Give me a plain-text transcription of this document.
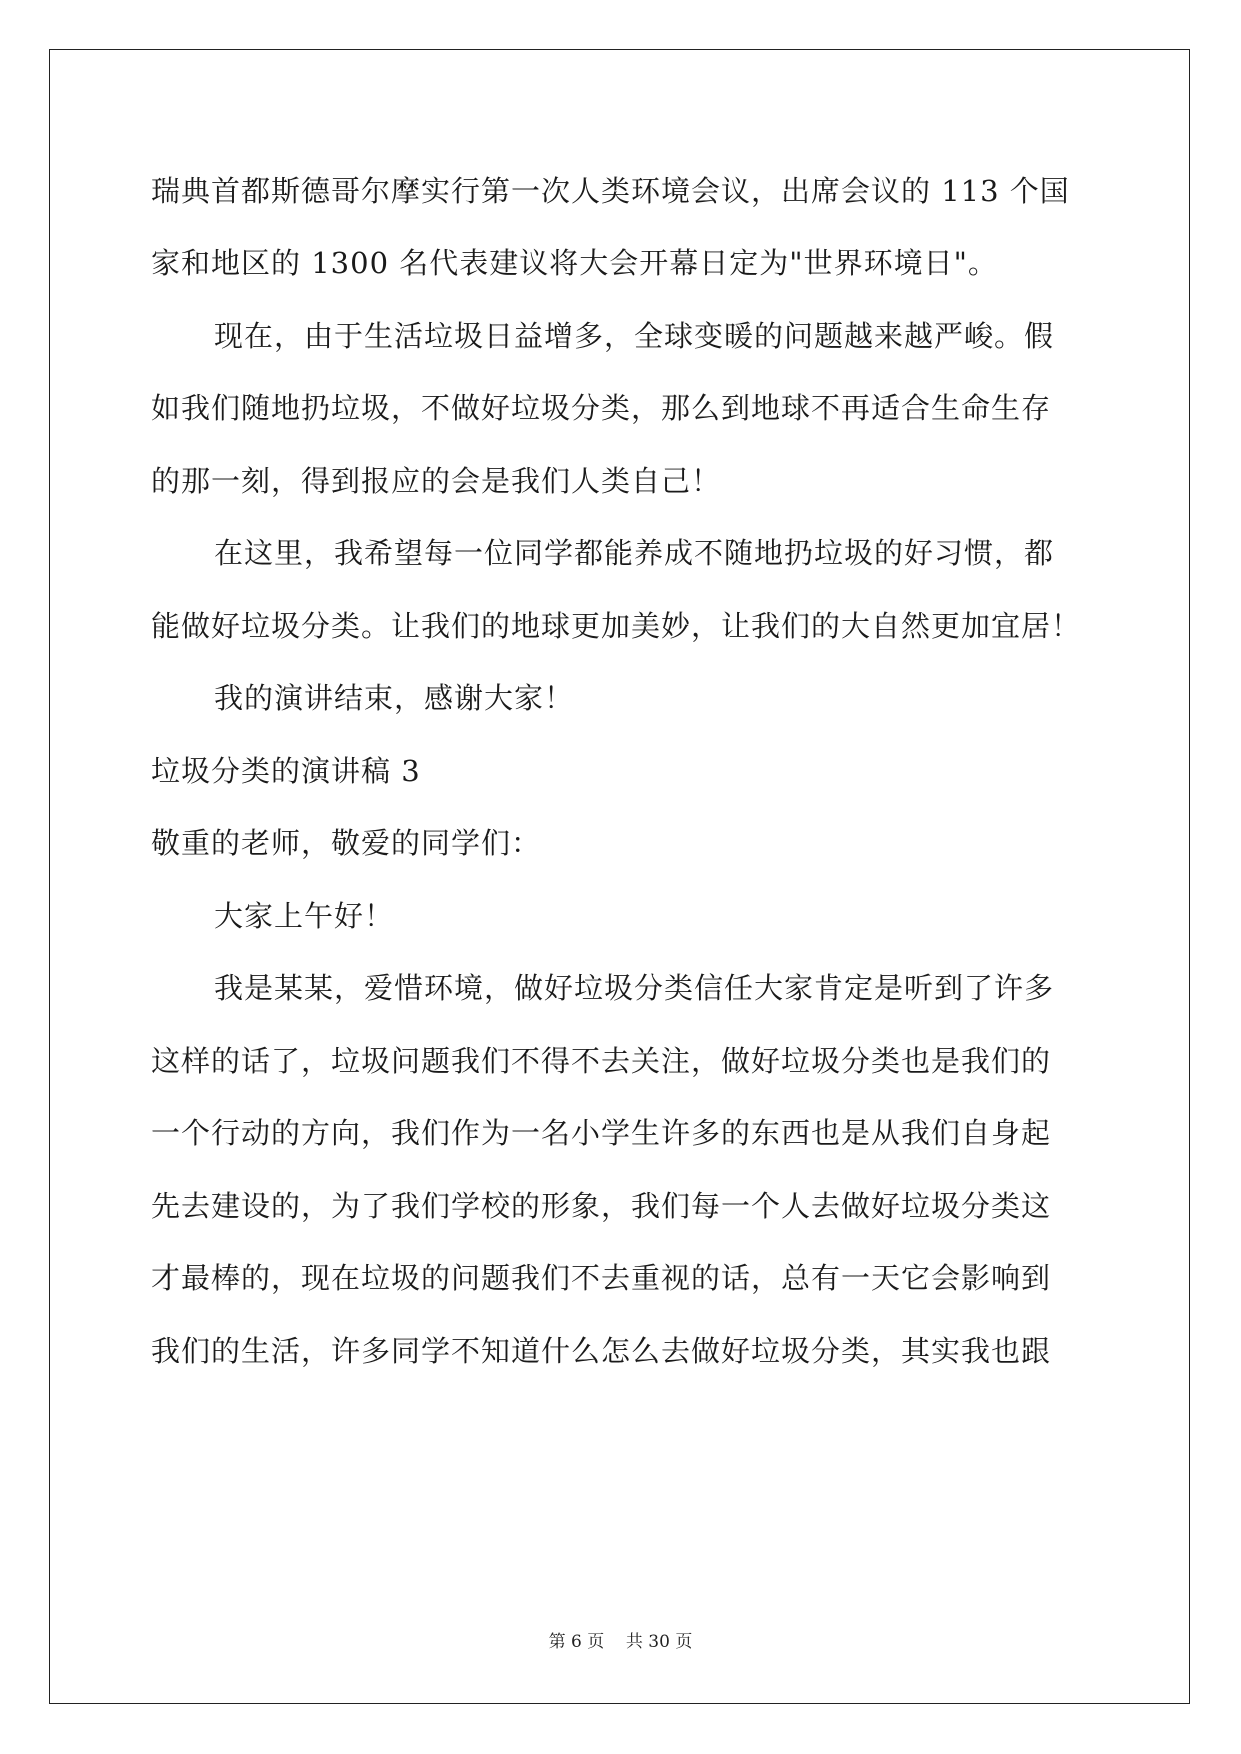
瑞典首都斯德哥尔摩实行第一次人类环境会议，出席会议的 113 个国
家和地区的 1300 名代表建议将大会开幕日定为"世界环境日"。
现在，由于生活垃圾日益增多，全球变暖的问题越来越严峻。假
如我们随地扔垃圾，不做好垃圾分类，那么到地球不再适合生命生存
的那一刻，得到报应的会是我们人类自己！
在这里，我希望每一位同学都能养成不随地扔垃圾的好习惯，都
能做好垃圾分类。让我们的地球更加美妙，让我们的大自然更加宜居！
我的演讲结束，感谢大家！
垃圾分类的演讲稿 3
敬重的老师，敬爱的同学们：
大家上午好！
我是某某，爱惜环境，做好垃圾分类信任大家肯定是听到了许多
这样的话了，垃圾问题我们不得不去关注，做好垃圾分类也是我们的
一个行动的方向，我们作为一名小学生许多的东西也是从我们自身起
先去建设的，为了我们学校的形象，我们每一个人去做好垃圾分类这
才最棒的，现在垃圾的问题我们不去重视的话，总有一天它会影响到
我们的生活，许多同学不知道什么怎么去做好垃圾分类，其实我也跟
第 6 页    共 30 页
